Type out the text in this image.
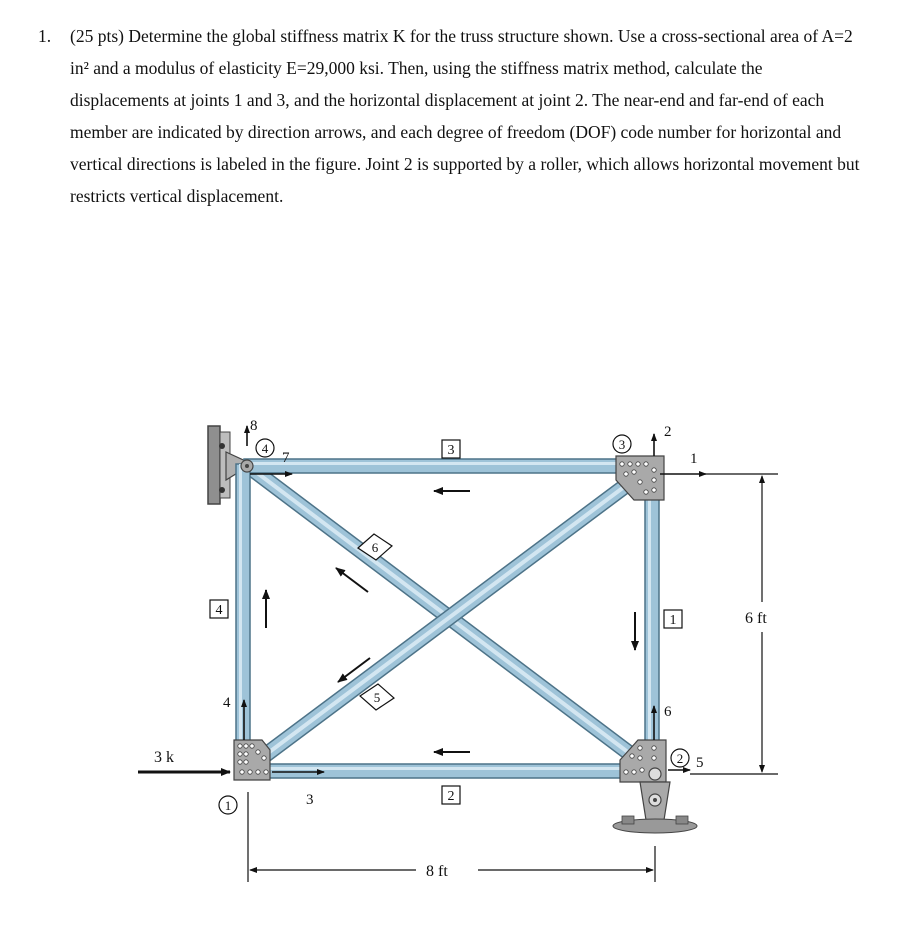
1. (25 pts) Determine the global stiffness matrix K for the truss structure shown. Use a cross-sectional area of A=2 in² and a modulus of elasticity E=29,000 ksi. Then, using the stiffness matrix method, calculate the displacements at joints 1 and 3, and the horizontal displacement at joint 2. The near-end and far-end of each member are indicated by direction arrows, and each degree of freedom (DOF) code number for horizontal and vertical directions is labeled in the figure. Joint 2 is supported by a roller, which allows horizontal movement but restricts vertical displacement.
3 k
8 ft
6 ft
4	3
1
2
3
2
4
1
6
5
8
7
2
1
4
3
6
5
